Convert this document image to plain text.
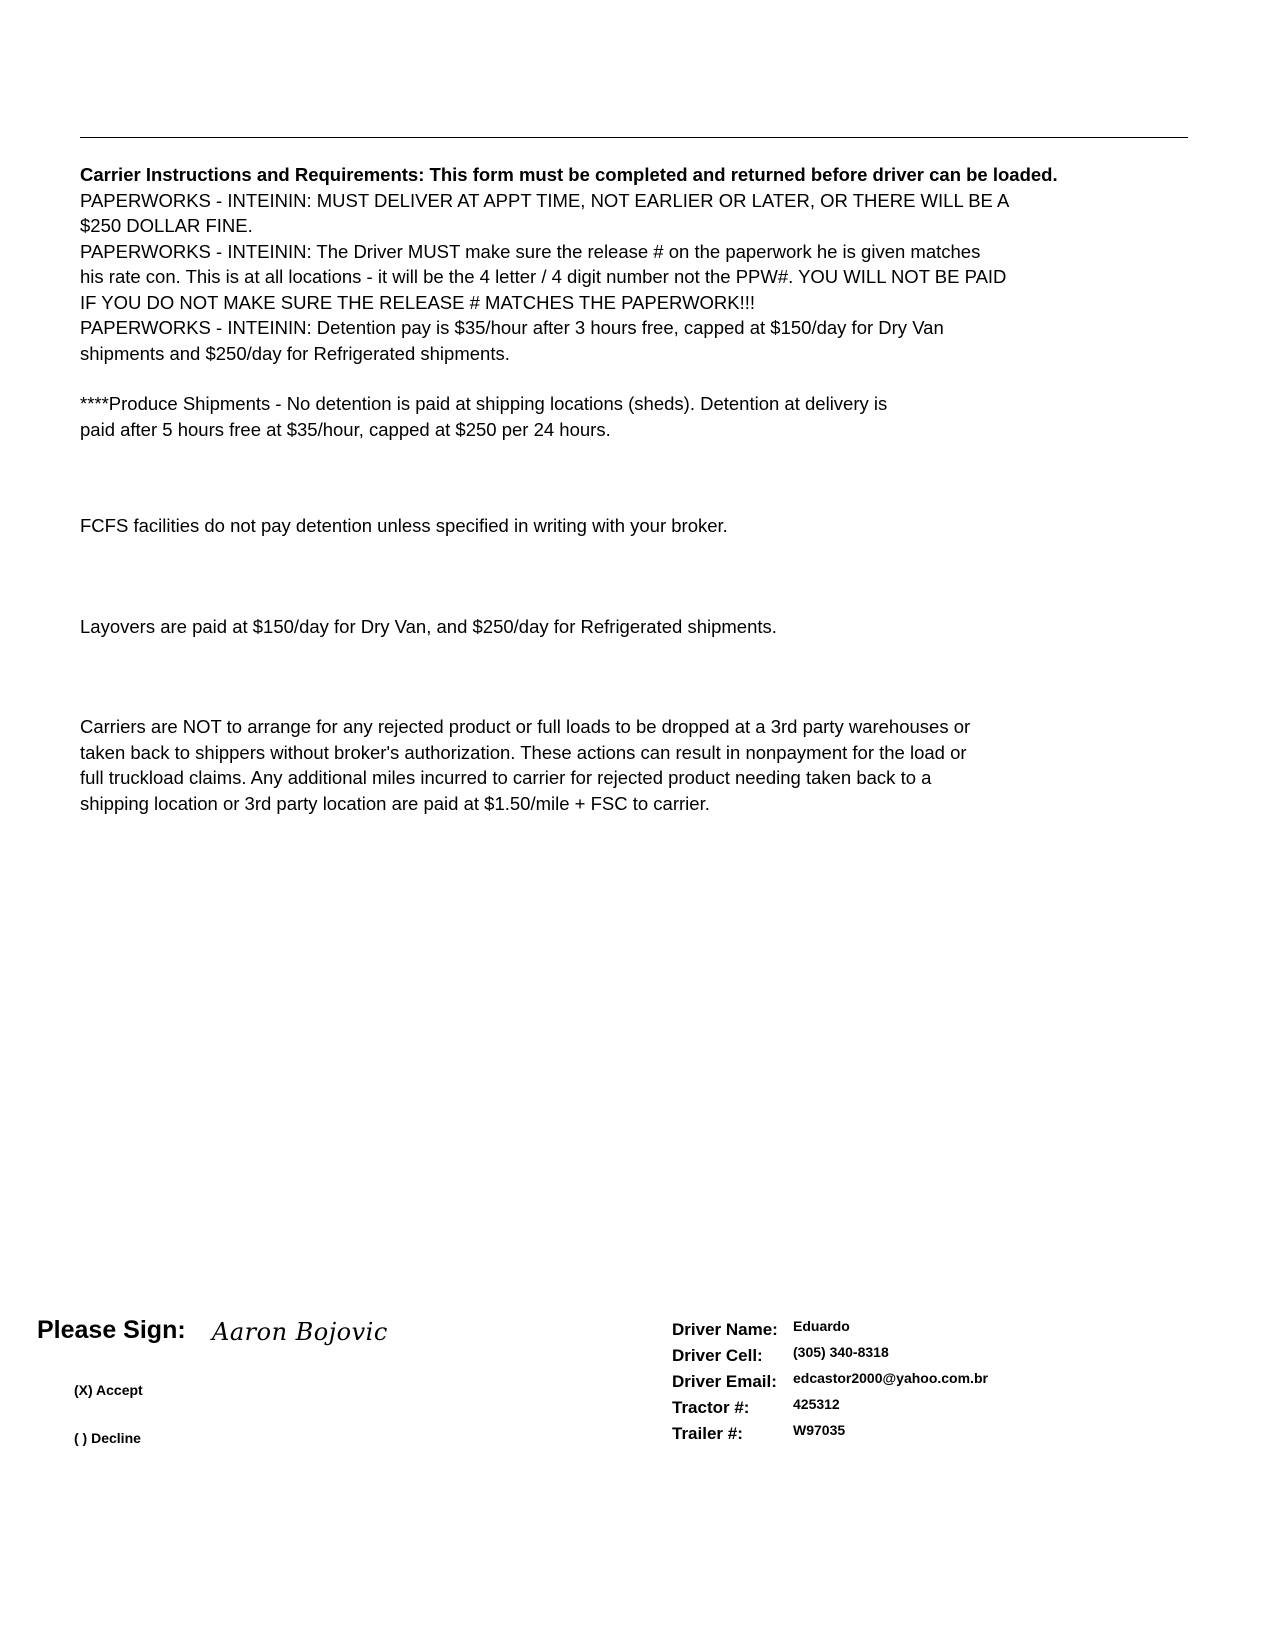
Carrier Instructions and Requirements: This form must be completed and returned before driver can be loaded.

PAPERWORKS - INTEININ: MUST DELIVER AT APPT TIME, NOT EARLIER OR LATER, OR THERE WILL BE A

$250 DOLLAR FINE.

PAPERWORKS - INTEININ: The Driver MUST make sure the release # on the paperwork he is given matches

his rate con. This is at all locations - it will be the 4 letter / 4 digit number not the PPW#. YOU WILL NOT BE PAID

IF YOU DO NOT MAKE SURE THE RELEASE # MATCHES THE PAPERWORK!!!

PAPERWORKS - INTEININ: Detention pay is $35/hour after 3 hours free, capped at $150/day for Dry Van

shipments and $250/day for Refrigerated shipments.

****Produce Shipments - No detention is paid at shipping locations (sheds). Detention at delivery is

paid after 5 hours free at $35/hour, capped at $250 per 24 hours.

FCFS facilities do not pay detention unless specified in writing with your broker.

Layovers are paid at $150/day for Dry Van, and $250/day for Refrigerated shipments.

Carriers are NOT to arrange for any rejected product or full loads to be dropped at a 3rd party warehouses or

taken back to shippers without broker's authorization. These actions can result in nonpayment for the load or

full truckload claims. Any additional miles incurred to carrier for rejected product needing taken back to a

shipping location or 3rd party location are paid at $1.50/mile + FSC to carrier.

Please Sign: Aaron Bojovic
(X) Accept
( ) Decline
Driver Name: Eduardo
Driver Cell: (305) 340-8318
Driver Email: edcastor2000@yahoo.com.br
Tractor #:	425312
Trailer #:	W97035
